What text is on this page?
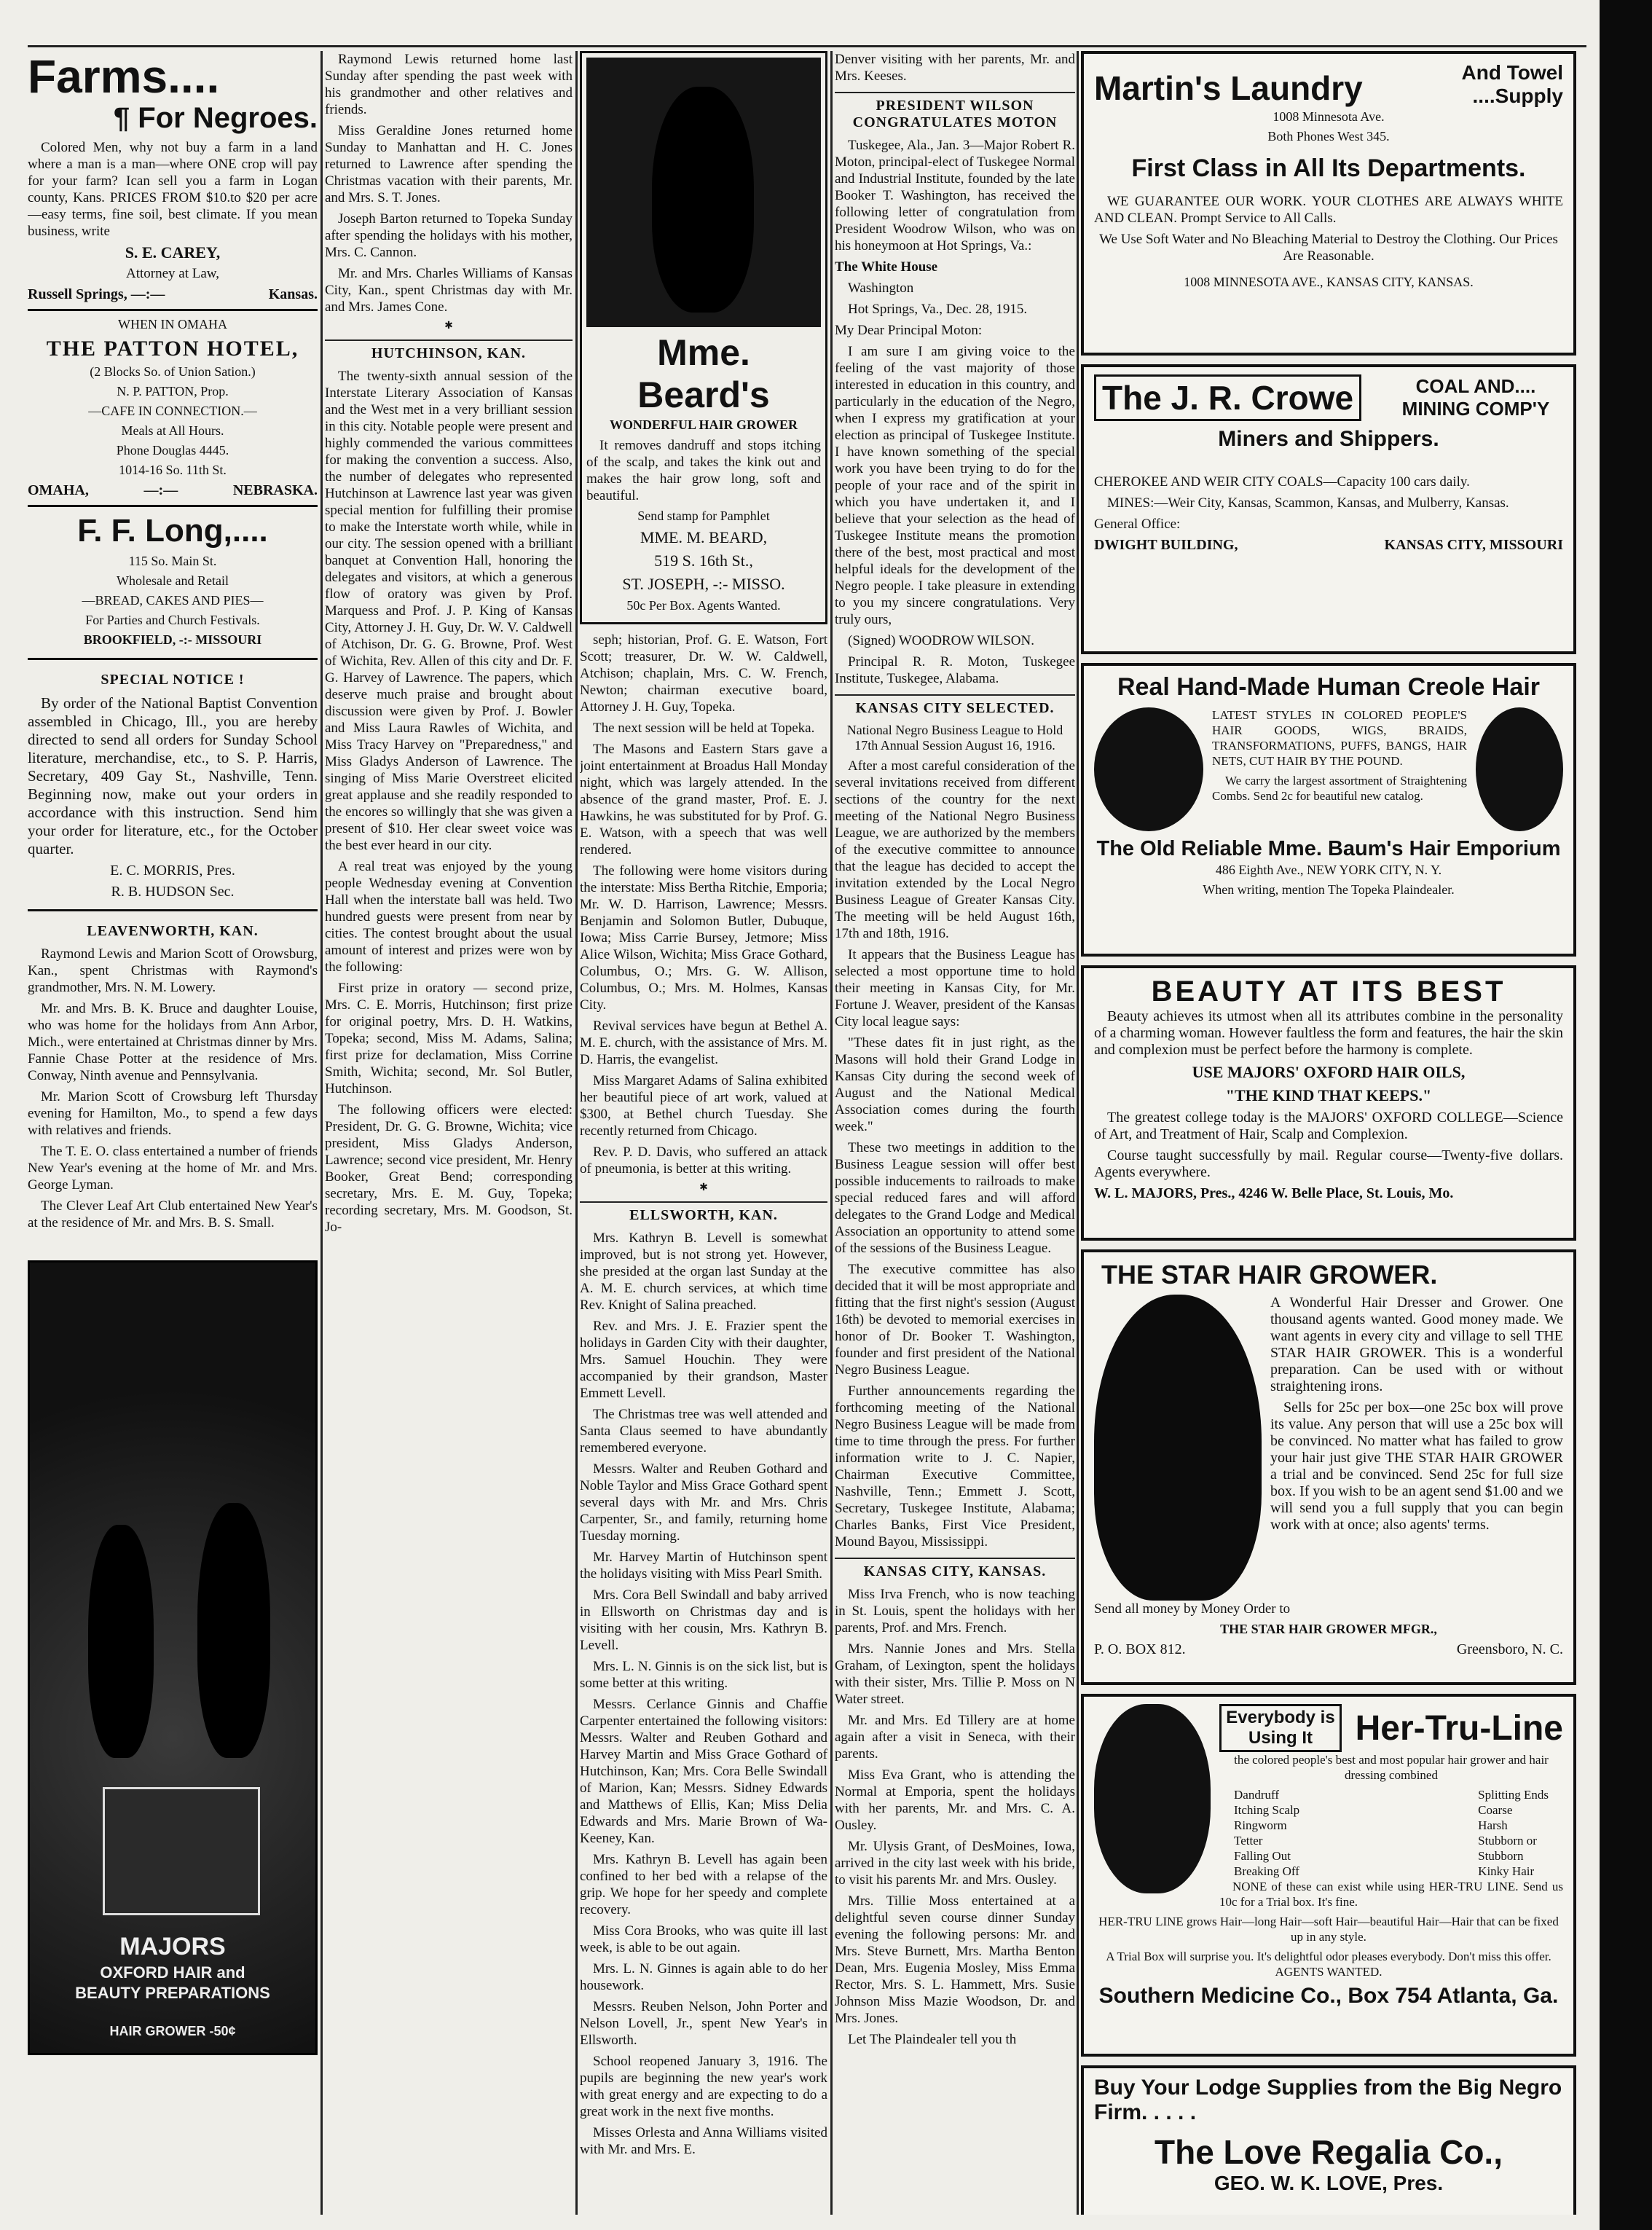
Farms....
¶ For Negroes.

Colored Men, why not buy a farm in a land where a man is a man—where ONE crop will pay for your farm? Ican sell you a farm in Logan county, Kans. PRICES FROM $10.to $20 per acre—easy terms, fine soil, best climate. If you mean business, write

S. E. CAREY,

Attorney at Law,

Russell Springs, —:—	Kansas.
WHEN IN OMAHA
THE PATTON HOTEL,
(2 Blocks So. of Union Sation.)
N. P. PATTON, Prop.
—CAFE IN CONNECTION.—
Meals at All Hours.
Phone Douglas 4445.
1014-16 So. 11th St.
OMAHA,	—:—	NEBRASKA.
F. F. Long,....
115 So. Main St.
Wholesale and Retail
—BREAD, CAKES AND PIES—
For Parties and Church Festivals.
BROOKFIELD, -:- MISSOURI
SPECIAL NOTICE !

By order of the National Baptist Convention assembled in Chicago, Ill., you are hereby directed to send all orders for Sunday School literature, merchandise, etc., to S. P. Harris, Secretary, 409 Gay St., Nashville, Tenn. Beginning now, make out your orders in accordance with this instruction. Send him your order for literature, etc., for the October quarter.

E. C. MORRIS, Pres.

R. B. HUDSON Sec.

LEAVENWORTH, KAN.

Raymond Lewis and Marion Scott of Orowsburg, Kan., spent Christmas with Raymond's grandmother, Mrs. N. M. Lowery.

Mr. and Mrs. B. K. Bruce and daughter Louise, who was home for the holidays from Ann Arbor, Mich., were entertained at Christmas dinner by Mrs. Fannie Chase Potter at the residence of Mrs. Conway, Ninth avenue and Pennsylvania.

Mr. Marion Scott of Crowsburg left Thursday evening for Hamilton, Mo., to spend a few days with relatives and friends.

The T. E. O. class entertained a number of friends New Year's evening at the home of Mr. and Mrs. George Lyman.

The Clever Leaf Art Club entertained New Year's at the residence of Mr. and Mrs. B. S. Small.

MAJORS
OXFORD HAIR and
BEAUTY PREPARATIONS
HAIR GROWER -50¢

Raymond Lewis returned home last Sunday after spending the past week with his grandmother and other relatives and friends.

Miss Geraldine Jones returned home Sunday to Manhattan and H. C. Jones returned to Lawrence after spending the Christmas vacation with their parents, Mr. and Mrs. S. T. Jones.

Joseph Barton returned to Topeka Sunday after spending the holidays with his mother, Mrs. C. Cannon.

Mr. and Mrs. Charles Williams of Kansas City, Kan., spent Christmas day with Mr. and Mrs. James Cone.

✱
HUTCHINSON, KAN.

The twenty-sixth annual session of the Interstate Literary Association of Kansas and the West met in a very brilliant session in this city. Notable people were present and highly commended the various committees for making the convention a success. Also, the number of delegates who represented Hutchinson at Lawrence last year was given special mention for fulfilling their promise to make the Interstate worth while, while in our city. The session opened with a brilliant banquet at Convention Hall, honoring the delegates and visitors, at which a generous flow of oratory was given by Prof. Marquess and Prof. J. P. King of Kansas City, Attorney J. H. Guy, Dr. W. V. Caldwell of Atchison, Dr. G. G. Browne, Prof. West of Wichita, Rev. Allen of this city and Dr. F. G. Harvey of Lawrence. The papers, which deserve much praise and brought about discussion were given by Prof. J. Bowler and Miss Laura Rawles of Wichita, and Miss Tracy Harvey on "Preparedness," and Miss Gladys Anderson of Lawrence. The singing of Miss Marie Overstreet elicited great applause and she readily responded to the encores so willingly that she was given a present of $10. Her clear sweet voice was the best ever heard in our city.

A real treat was enjoyed by the young people Wednesday evening at Convention Hall when the interstate ball was held. Two hundred guests were present from near by cities. The contest brought about the usual amount of interest and prizes were won by the following:

First prize in oratory — second prize, Mrs. C. E. Morris, Hutchinson; first prize for original poetry, Mrs. D. H. Watkins, Topeka; second, Miss M. Adams, Salina; first prize for declamation, Miss Corrine Smith, Wichita; second, Mr. Sol Butler, Hutchinson.

The following officers were elected: President, Dr. G. G. Browne, Wichita; vice president, Miss Gladys Anderson, Lawrence; second vice president, Mr. Henry Booker, Great Bend; corresponding secretary, Mrs. E. M. Guy, Topeka; recording secretary, Mrs. M. Goodson, St. Jo-

Mme. Beard's
WONDERFUL HAIR GROWER

It removes dandruff and stops itching of the scalp, and takes the kink out and makes the hair grow long, soft and beautiful.

Send stamp for Pamphlet
MME. M. BEARD,
519 S. 16th St.,
ST. JOSEPH, -:- MISSO.
50c Per Box. Agents Wanted.

seph; historian, Prof. G. E. Watson, Fort Scott; treasurer, Dr. W. W. Caldwell, Atchison; chaplain, Mrs. C. W. French, Newton; chairman executive board, Attorney J. H. Guy, Topeka.

The next session will be held at Topeka.

The Masons and Eastern Stars gave a joint entertainment at Broadus Hall Monday night, which was largely attended. In the absence of the grand master, Prof. E. J. Hawkins, he was substituted for by Prof. G. E. Watson, with a speech that was well rendered.

The following were home visitors during the interstate: Miss Bertha Ritchie, Emporia; Mr. W. D. Harrison, Lawrence; Messrs. Benjamin and Solomon Butler, Dubuque, Iowa; Miss Carrie Bursey, Jetmore; Miss Alice Wilson, Wichita; Miss Grace Gothard, Columbus, O.; Mrs. G. W. Allison, Columbus, O.; Mrs. M. Holmes, Kansas City.

Revival services have begun at Bethel A. M. E. church, with the assistance of Mrs. M. D. Harris, the evangelist.

Miss Margaret Adams of Salina exhibited her beautiful piece of art work, valued at $300, at Bethel church Tuesday. She recently returned from Chicago.

Rev. P. D. Davis, who suffered an attack of pneumonia, is better at this writing.

✱
ELLSWORTH, KAN.

Mrs. Kathryn B. Levell is somewhat improved, but is not strong yet. However, she presided at the organ last Sunday at the A. M. E. church services, at which time Rev. Knight of Salina preached.

Rev. and Mrs. J. E. Frazier spent the holidays in Garden City with their daughter, Mrs. Samuel Houchin. They were accompanied by their grandson, Master Emmett Levell.

The Christmas tree was well attended and Santa Claus seemed to have abundantly remembered everyone.

Messrs. Walter and Reuben Gothard and Noble Taylor and Miss Grace Gothard spent several days with Mr. and Mrs. Chris Carpenter, Sr., and family, returning home Tuesday morning.

Mr. Harvey Martin of Hutchinson spent the holidays visiting with Miss Pearl Smith.

Mrs. Cora Bell Swindall and baby arrived in Ellsworth on Christmas day and is visiting with her cousin, Mrs. Kathryn B. Levell.

Mrs. L. N. Ginnis is on the sick list, but is some better at this writing.

Messrs. Cerlance Ginnis and Chaffie Carpenter entertained the following visitors: Messrs. Walter and Reuben Gothard and Harvey Martin and Miss Grace Gothard of Hutchinson, Kan; Mrs. Cora Belle Swindall of Marion, Kan; Messrs. Sidney Edwards and Matthews of Ellis, Kan; Miss Delia Edwards and Mrs. Marie Brown of Wa-Keeney, Kan.

Mrs. Kathryn B. Levell has again been confined to her bed with a relapse of the grip. We hope for her speedy and complete recovery.

Miss Cora Brooks, who was quite ill last week, is able to be out again.

Mrs. L. N. Ginnes is again able to do her housework.

Messrs. Reuben Nelson, John Porter and Nelson Lovell, Jr., spent New Year's in Ellsworth.

School reopened January 3, 1916. The pupils are beginning the new year's work with great energy and are expecting to do a great work in the next five months.

Misses Orlesta and Anna Williams visited with Mr. and Mrs. E.

Denver visiting with her parents, Mr. and Mrs. Keeses.

PRESIDENT WILSON CONGRATULATES MOTON

Tuskegee, Ala., Jan. 3—Major Robert R. Moton, principal-elect of Tuskegee Normal and Industrial Institute, founded by the late Booker T. Washington, has received the following letter of congratulation from President Woodrow Wilson, who was on his honeymoon at Hot Springs, Va.:

The White House

Washington

Hot Springs, Va., Dec. 28, 1915.

My Dear Principal Moton:

I am sure I am giving voice to the feeling of the vast majority of those interested in education in this country, and particularly in the education of the Negro, when I express my gratification at your election as principal of Tuskegee Institute. I have known something of the special work you have been trying to do for the people of your race and of the spirit in which you have undertaken it, and I believe that your selection as the head of Tuskegee Institute means the promotion there of the best, most practical and most helpful ideals for the development of the Negro people. I take pleasure in extending to you my sincere congratulations. Very truly ours,

(Signed) WOODROW WILSON.

Principal R. R. Moton, Tuskegee Institute, Tuskegee, Alabama.

KANSAS CITY SELECTED.
National Negro Business League to Hold 17th Annual Session August 16, 1916.

After a most careful consideration of the several invitations received from different sections of the country for the next meeting of the National Negro Business League, we are authorized by the members of the executive committee to announce that the league has decided to accept the invitation extended by the Local Negro Business League of Greater Kansas City. The meeting will be held August 16th, 17th and 18th, 1916.

It appears that the Business League has selected a most opportune time to hold their meeting in Kansas City, for Mr. Fortune J. Weaver, president of the Kansas City local league says:

"These dates fit in just right, as the Masons will hold their Grand Lodge in Kansas City during the second week of August and the National Medical Association comes during the fourth week."

These two meetings in addition to the Business League session will offer best possible inducements to railroads to make special reduced fares and will afford delegates to the Grand Lodge and Medical Association an opportunity to attend some of the sessions of the Business League.

The executive committee has also decided that it will be most appropriate and fitting that the first night's session (August 16th) be devoted to memorial exercises in honor of Dr. Booker T. Washington, founder and first president of the National Negro Business League.

Further announcements regarding the forthcoming meeting of the National Negro Business League will be made from time to time through the press. For further information write to J. C. Napier, Chairman Executive Committee, Nashville, Tenn.; Emmett J. Scott, Secretary, Tuskegee Institute, Alabama; Charles Banks, First Vice President, Mound Bayou, Mississippi.

KANSAS CITY, KANSAS.

Miss Irva French, who is now teaching in St. Louis, spent the holidays with her parents, Prof. and Mrs. French.

Mrs. Nannie Jones and Mrs. Stella Graham, of Lexington, spent the holidays with their sister, Mrs. Tillie P. Moss on N Water street.

Mr. and Mrs. Ed Tillery are at home again after a visit in Seneca, with their parents.

Miss Eva Grant, who is attending the Normal at Emporia, spent the holidays with her parents, Mr. and Mrs. C. A. Ousley.

Mr. Ulysis Grant, of DesMoines, Iowa, arrived in the city last week with his bride, to visit his parents Mr. and Mrs. Ousley.

Mrs. Tillie Moss entertained at a delightful seven course dinner Sunday evening the following persons: Mr. and Mrs. Steve Burnett, Mrs. Martha Benton Dean, Mrs. Eugenia Mosley, Miss Emma Rector, Mrs. S. L. Hammett, Mrs. Susie Johnson Miss Mazie Woodson, Dr. and Mrs. Jones.

Let The Plaindealer tell you th

Martin's Laundry	And Towel ....Supply
1008 Minnesota Ave.
Both Phones West 345.
First Class in All Its Departments.

WE GUARANTEE OUR WORK. YOUR CLOTHES ARE ALWAYS WHITE AND CLEAN. Prompt Service to All Calls.

We Use Soft Water and No Bleaching Material to Destroy the Clothing. Our Prices Are Reasonable.

1008 MINNESOTA AVE., KANSAS CITY, KANSAS.
The J. R. Crowe	COAL AND.... MINING COMP'Y
Miners and Shippers.

CHEROKEE AND WEIR CITY COALS—Capacity 100 cars daily.

MINES:—Weir City, Kansas, Scammon, Kansas, and Mulberry, Kansas.

General Office:

DWIGHT BUILDING,	KANSAS CITY, MISSOURI
Real Hand-Made Human Creole Hair

LATEST STYLES IN COLORED PEOPLE'S HAIR GOODS, WIGS, BRAIDS, TRANSFORMATIONS, PUFFS, BANGS, HAIR NETS, CUT HAIR BY THE POUND.

We carry the largest assortment of Straightening Combs. Send 2c for beautiful new catalog.

The Old Reliable Mme. Baum's Hair Emporium
486 Eighth Ave., NEW YORK CITY, N. Y.
When writing, mention The Topeka Plaindealer.
BEAUTY AT ITS BEST

Beauty achieves its utmost when all its attributes combine in the personality of a charming woman. However faultless the form and features, the hair the skin and complexion must be perfect before the harmony is complete.

USE MAJORS' OXFORD HAIR OILS,
"THE KIND THAT KEEPS."

The greatest college today is the MAJORS' OXFORD COLLEGE—Science of Art, and Treatment of Hair, Scalp and Complexion.

Course taught successfully by mail. Regular course—Twenty-five dollars. Agents everywhere.

W. L. MAJORS, Pres., 4246 W. Belle Place, St. Louis, Mo.

THE STAR HAIR GROWER.

A Wonderful Hair Dresser and Grower. One thousand agents wanted. Good money made. We want agents in every city and village to sell THE STAR HAIR GROWER. This is a wonderful preparation. Can be used with or without straightening irons.

Sells for 25c per box—one 25c box will prove its value. Any person that will use a 25c box will be convinced. No matter what has failed to grow your hair just give THE STAR HAIR GROWER a trial and be convinced. Send 25c for full size box. If you wish to be an agent send $1.00 and we will send you a full supply that you can begin work with at once; also agents' terms.

Send all money by Money Order to

THE STAR HAIR GROWER MFGR.,
P. O. BOX 812.	Greensboro, N. C.
Everybody is Using It	Her-Tru-Line

the colored people's best and most popular hair grower and hair dressing combined

Dandruff
Itching Scalp
Ringworm
Tetter
Falling Out
Breaking Off
Splitting Ends
Coarse
Harsh
Stubborn or
Stubborn
Kinky Hair

NONE of these can exist while using HER-TRU LINE. Send us 10c for a Trial box. It's fine.

HER-TRU LINE grows Hair—long Hair—soft Hair—beautiful Hair—Hair that can be fixed up in any style.

A Trial Box will surprise you. It's delightful odor pleases everybody. Don't miss this offer. AGENTS WANTED.

Southern Medicine Co., Box 754 Atlanta, Ga.
Buy Your Lodge Supplies from the Big Negro Firm. . . . .
The Love Regalia Co.,
GEO. W. K. LOVE, Pres.
